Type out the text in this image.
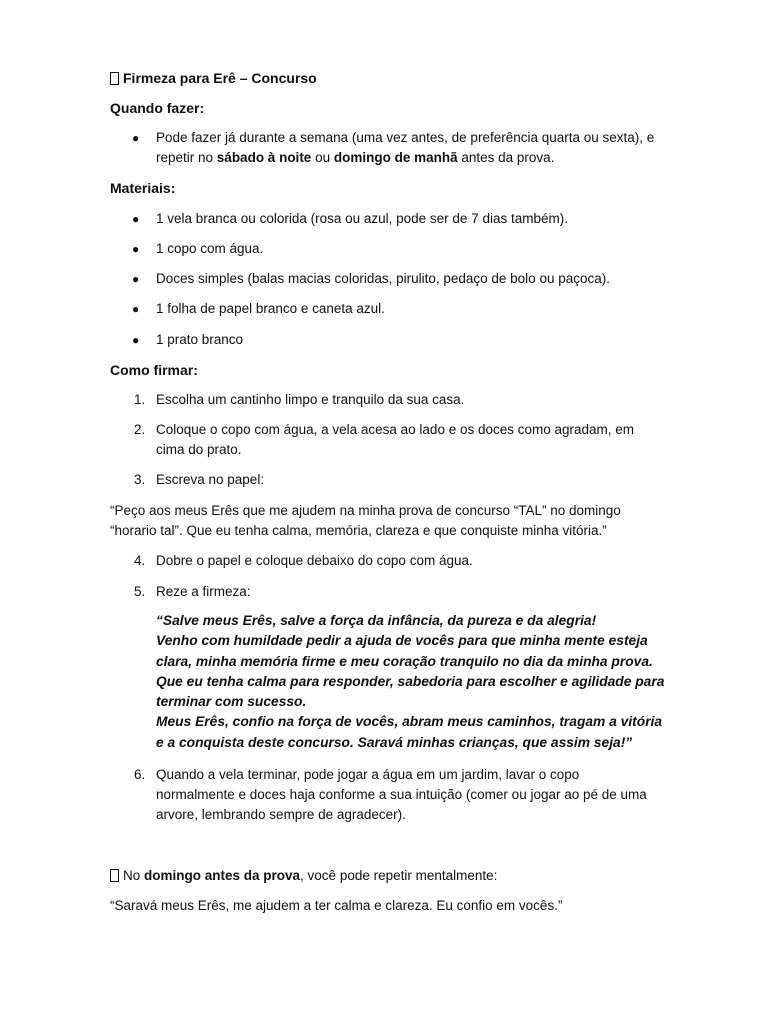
Firmeza para Erê – Concurso
Quando fazer:
●	Pode fazer já durante a semana (uma vez antes, de preferência quarta ou sexta), e repetir no sábado à noite ou domingo de manhã antes da prova.
Materiais:
●	1 vela branca ou colorida (rosa ou azul, pode ser de 7 dias também).
●	1 copo com água.
●	Doces simples (balas macias coloridas, pirulito, pedaço de bolo ou paçoca).
●	1 folha de papel branco e caneta azul.
●	1 prato branco
Como firmar:
1. Escolha um cantinho limpo e tranquilo da sua casa.
2. Coloque o copo com água, a vela acesa ao lado e os doces como agradam, em cima do prato.
3. Escreva no papel:
“Peço aos meus Erês que me ajudem na minha prova de concurso “TAL” no domingo “horario tal”. Que eu tenha calma, memória, clareza e que conquiste minha vitória.”
4. Dobre o papel e coloque debaixo do copo com água.
5. Reze a firmeza:
“Salve meus Erês, salve a força da infância, da pureza e da alegria!
Venho com humildade pedir a ajuda de vocês para que minha mente esteja clara, minha memória firme e meu coração tranquilo no dia da minha prova.
Que eu tenha calma para responder, sabedoria para escolher e agilidade para terminar com sucesso.
Meus Erês, confio na força de vocês, abram meus caminhos, tragam a vitória e a conquista deste concurso. Saravá minhas crianças, que assim seja!”
6. Quando a vela terminar, pode jogar a água em um jardim, lavar o copo normalmente e doces haja conforme a sua intuição (comer ou jogar ao pé de uma arvore, lembrando sempre de agradecer).
No domingo antes da prova, você pode repetir mentalmente:
“Saravá meus Erês, me ajudem a ter calma e clareza. Eu confio em vocês.”
